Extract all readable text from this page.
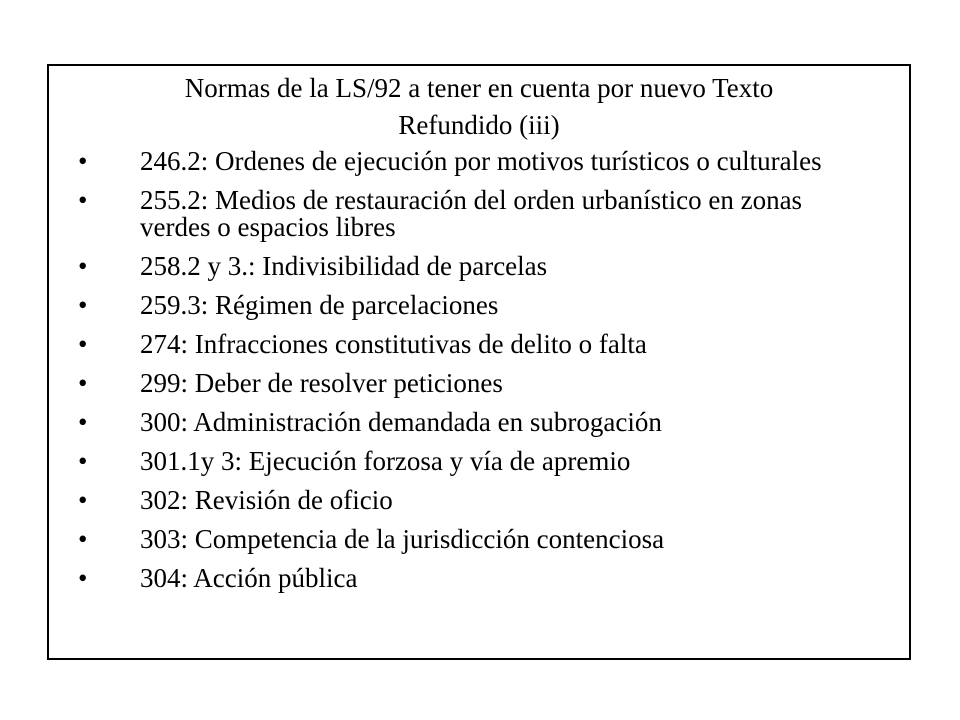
Normas de la LS/92 a tener en cuenta por nuevo Texto
Refundido (iii)
• 246.2: Ordenes de ejecución por motivos turísticos o culturales
• 255.2: Medios de restauración del orden urbanístico en zonas verdes o espacios libres
• 258.2 y 3.: Indivisibilidad de parcelas
• 259.3: Régimen de parcelaciones
• 274: Infracciones constitutivas de delito o falta
• 299: Deber de resolver peticiones
• 300: Administración demandada en subrogación
• 301.1y 3: Ejecución forzosa y vía de apremio
• 302: Revisión de oficio
• 303: Competencia de la jurisdicción contenciosa
• 304: Acción pública
